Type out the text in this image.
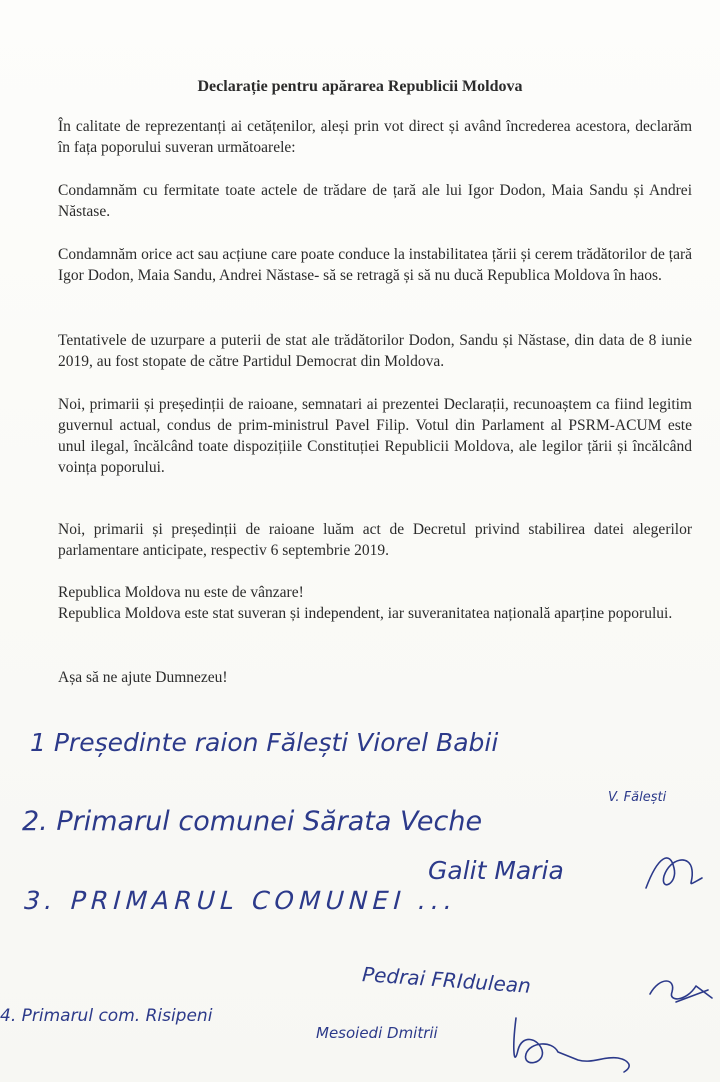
Declarație pentru apărarea Republicii Moldova

În calitate de reprezentanți ai cetățenilor, aleși prin vot direct și având încrederea acestora, declarăm în fața poporului suveran următoarele:

Condamnăm cu fermitate toate actele de trădare de țară ale lui Igor Dodon, Maia Sandu și Andrei Năstase.

Condamnăm orice act sau acțiune care poate conduce la instabilitatea țării și cerem trădătorilor de țară Igor Dodon, Maia Sandu, Andrei Năstase- să se retragă și să nu ducă Republica Moldova în haos.

Tentativele de uzurpare a puterii de stat ale trădătorilor Dodon, Sandu și Năstase, din data de 8 iunie 2019, au fost stopate de către Partidul Democrat din Moldova.

Noi, primarii și președinții de raioane, semnatari ai prezentei Declarații, recunoaștem ca fiind legitim guvernul actual, condus de prim-ministrul Pavel Filip. Votul din Parlament al PSRM-ACUM este unul ilegal, încălcând toate dispozițiile Constituției Republicii Moldova, ale legilor țării și încălcând voința poporului.

Noi, primarii și președinții de raioane luăm act de Decretul privind stabilirea datei alegerilor parlamentare anticipate, respectiv 6 septembrie 2019.

Republica Moldova nu este de vânzare!

Republica Moldova este stat suveran și independent, iar suveranitatea națională aparține poporului.

Așa să ne ajute Dumnezeu!

1 Președinte raion Fălești Viorel Babii
V. Fălești
2. Primarul comunei Sărata Veche
Galit Maria
3. PRIMARUL COMUNEI ...
Pedrai FRIdulean
4. Primarul com. Risipeni
Mesoiedi Dmitrii
